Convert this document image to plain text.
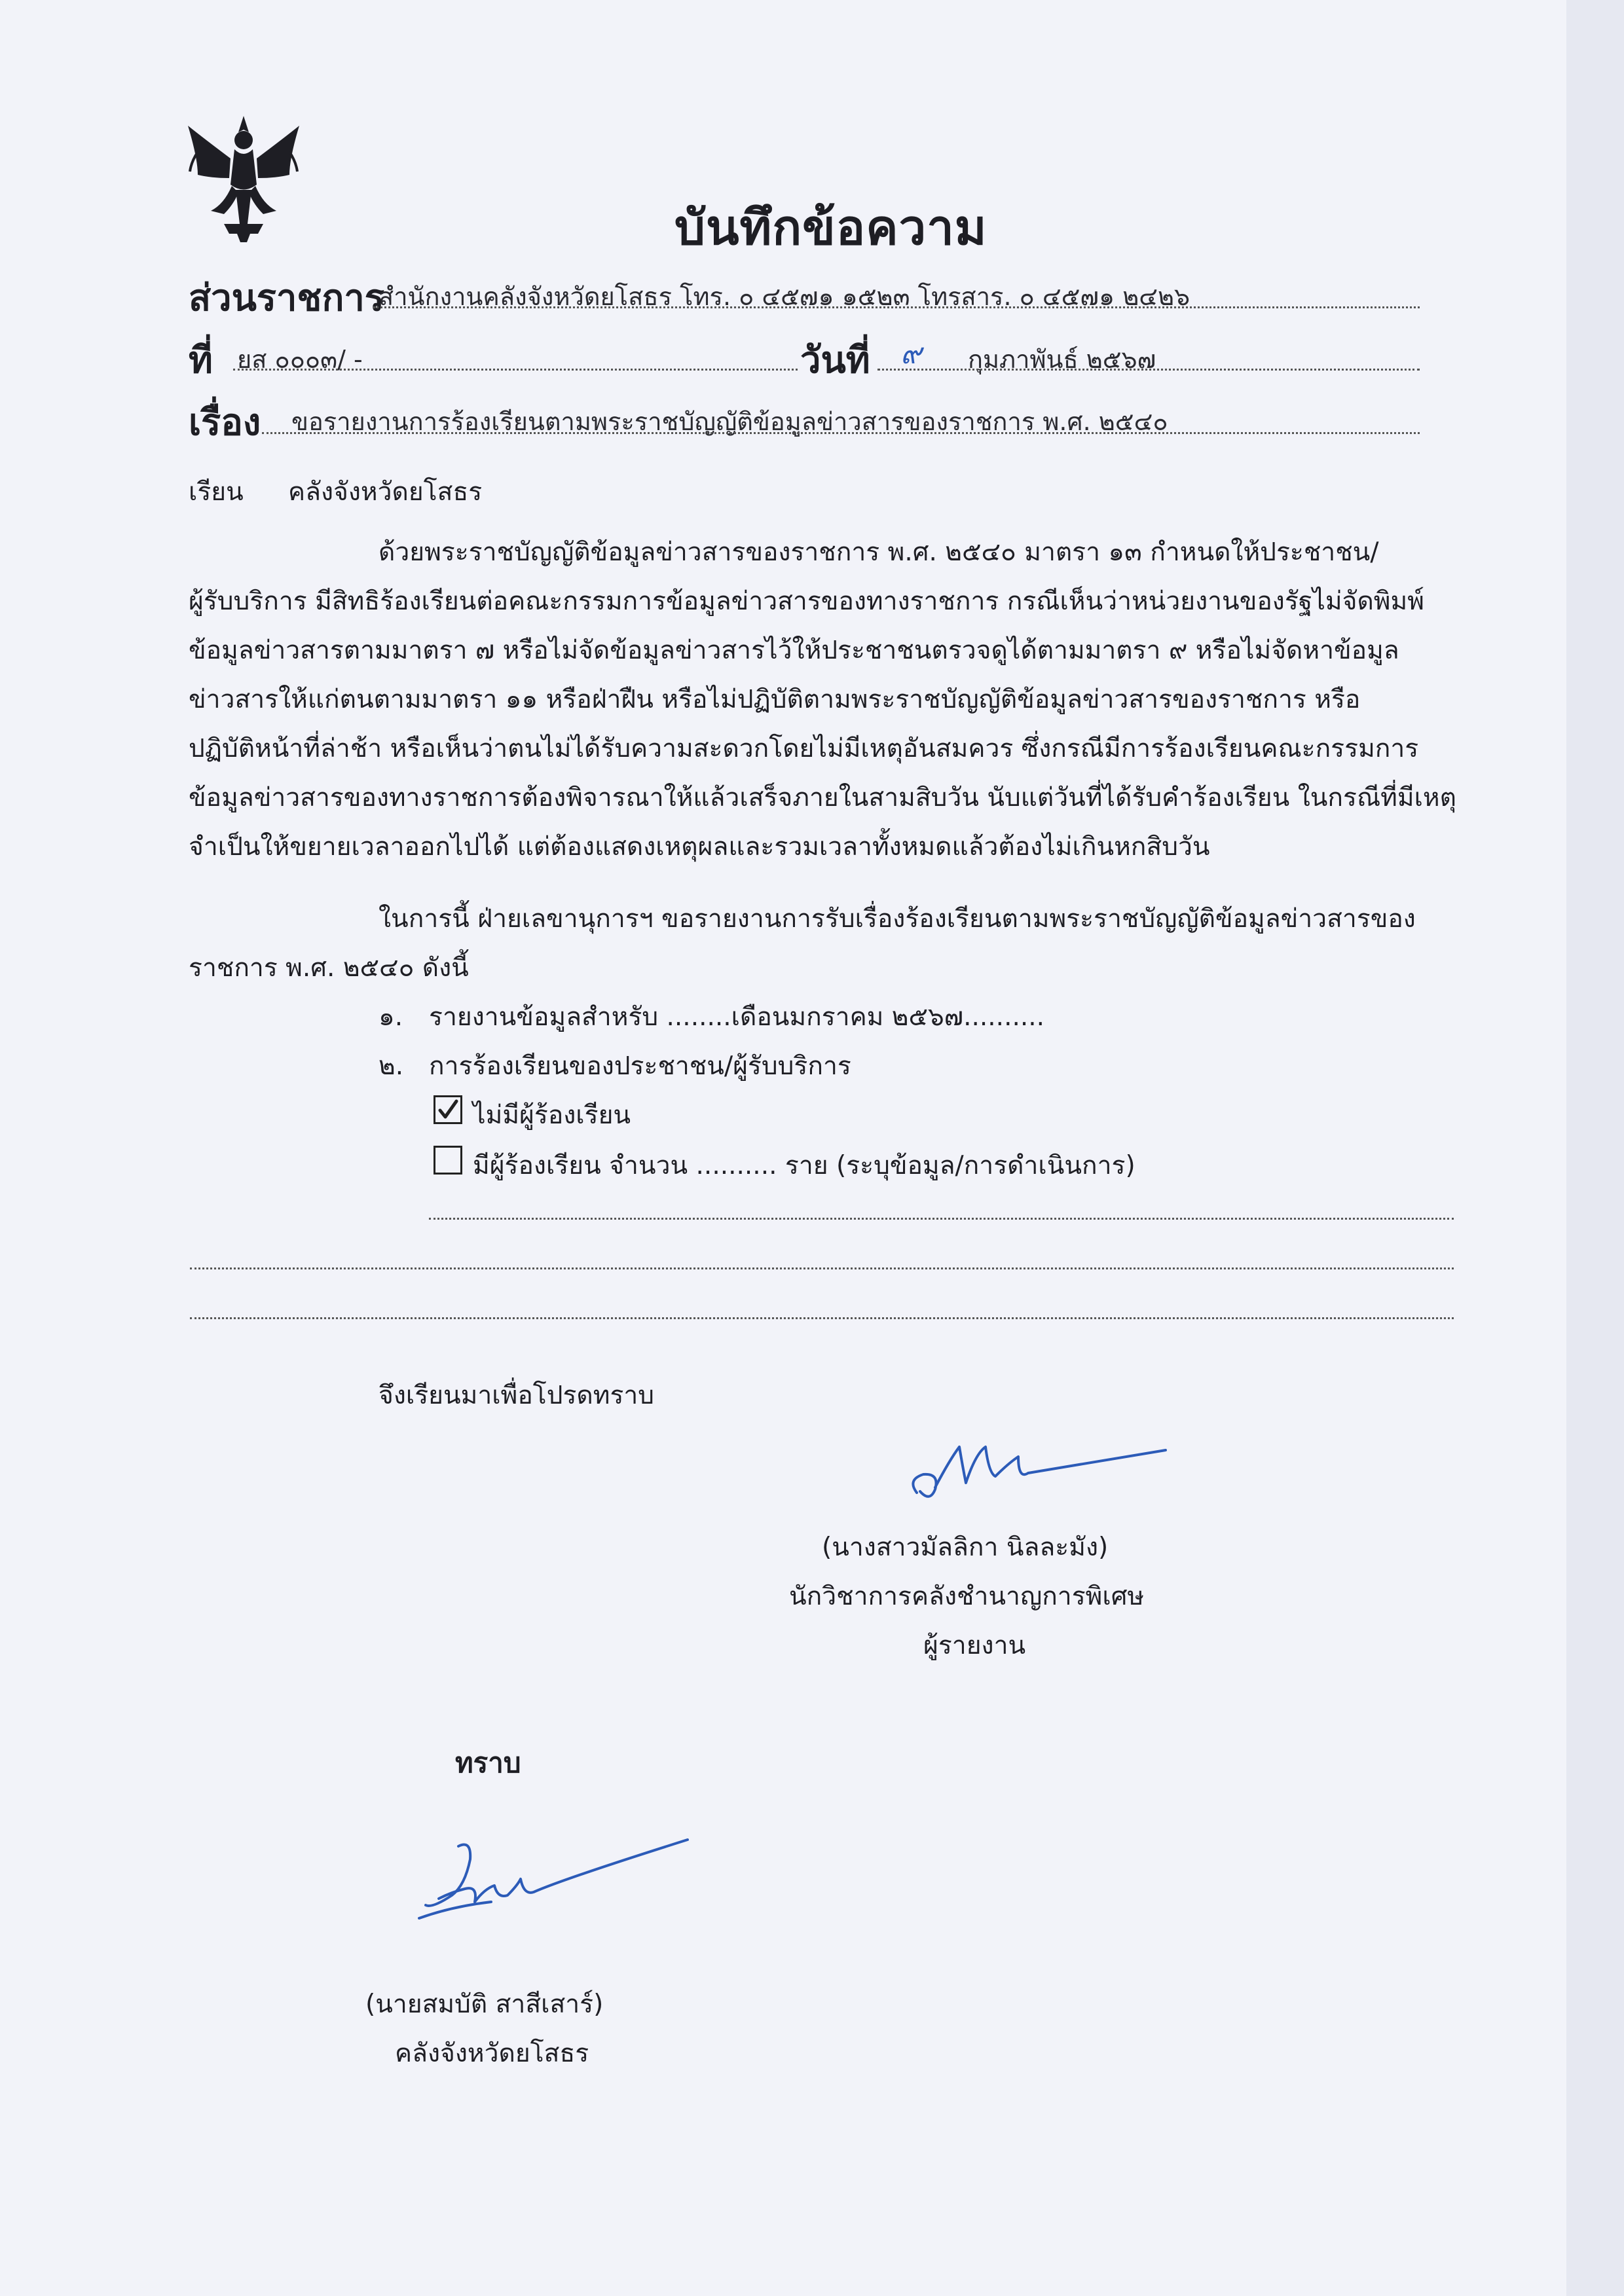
บันทึกข้อความ
ส่วนราชการ
สำนักงานคลังจังหวัดยโสธร โทร. ๐ ๔๕๗๑ ๑๕๒๓ โทรสาร. ๐ ๔๕๗๑ ๒๔๒๖
ที่ ยส ๐๐๐๓/ -	วันที่ ๙ กุมภาพันธ์ ๒๕๖๗
เรื่อง ขอรายงานการร้องเรียนตามพระราชบัญญัติข้อมูลข่าวสารของราชการ พ.ศ. ๒๕๔๐
เรียน คลังจังหวัดยโสธร
ด้วยพระราชบัญญัติข้อมูลข่าวสารของราชการ พ.ศ. ๒๕๔๐ มาตรา ๑๓ กำหนดให้ประชาชน/
ผู้รับบริการ มีสิทธิร้องเรียนต่อคณะกรรมการข้อมูลข่าวสารของทางราชการ กรณีเห็นว่าหน่วยงานของรัฐไม่จัดพิมพ์
ข้อมูลข่าวสารตามมาตรา ๗ หรือไม่จัดข้อมูลข่าวสารไว้ให้ประชาชนตรวจดูได้ตามมาตรา ๙ หรือไม่จัดหาข้อมูล
ข่าวสารให้แก่ตนตามมาตรา ๑๑ หรือฝ่าฝืน หรือไม่ปฏิบัติตามพระราชบัญญัติข้อมูลข่าวสารของราชการ หรือ
ปฏิบัติหน้าที่ล่าช้า หรือเห็นว่าตนไม่ได้รับความสะดวกโดยไม่มีเหตุอันสมควร ซึ่งกรณีมีการร้องเรียนคณะกรรมการ
ข้อมูลข่าวสารของทางราชการต้องพิจารณาให้แล้วเสร็จภายในสามสิบวัน นับแต่วันที่ได้รับคำร้องเรียน ในกรณีที่มีเหตุ
จำเป็นให้ขยายเวลาออกไปได้ แต่ต้องแสดงเหตุผลและรวมเวลาทั้งหมดแล้วต้องไม่เกินหกสิบวัน
ในการนี้ ฝ่ายเลขานุการฯ ขอรายงานการรับเรื่องร้องเรียนตามพระราชบัญญัติข้อมูลข่าวสารของ
ราชการ พ.ศ. ๒๕๔๐ ดังนี้
๑. รายงานข้อมูลสำหรับ ........เดือนมกราคม ๒๕๖๗..........
๒. การร้องเรียนของประชาชน/ผู้รับบริการ
ไม่มีผู้ร้องเรียน
มีผู้ร้องเรียน จำนวน .......... ราย (ระบุข้อมูล/การดำเนินการ)
จึงเรียนมาเพื่อโปรดทราบ
(นางสาวมัลลิกา นิลละมัง)
นักวิชาการคลังชำนาญการพิเศษ
ผู้รายงาน
ทราบ
(นายสมบัติ สาสีเสาร์)
คลังจังหวัดยโสธร
